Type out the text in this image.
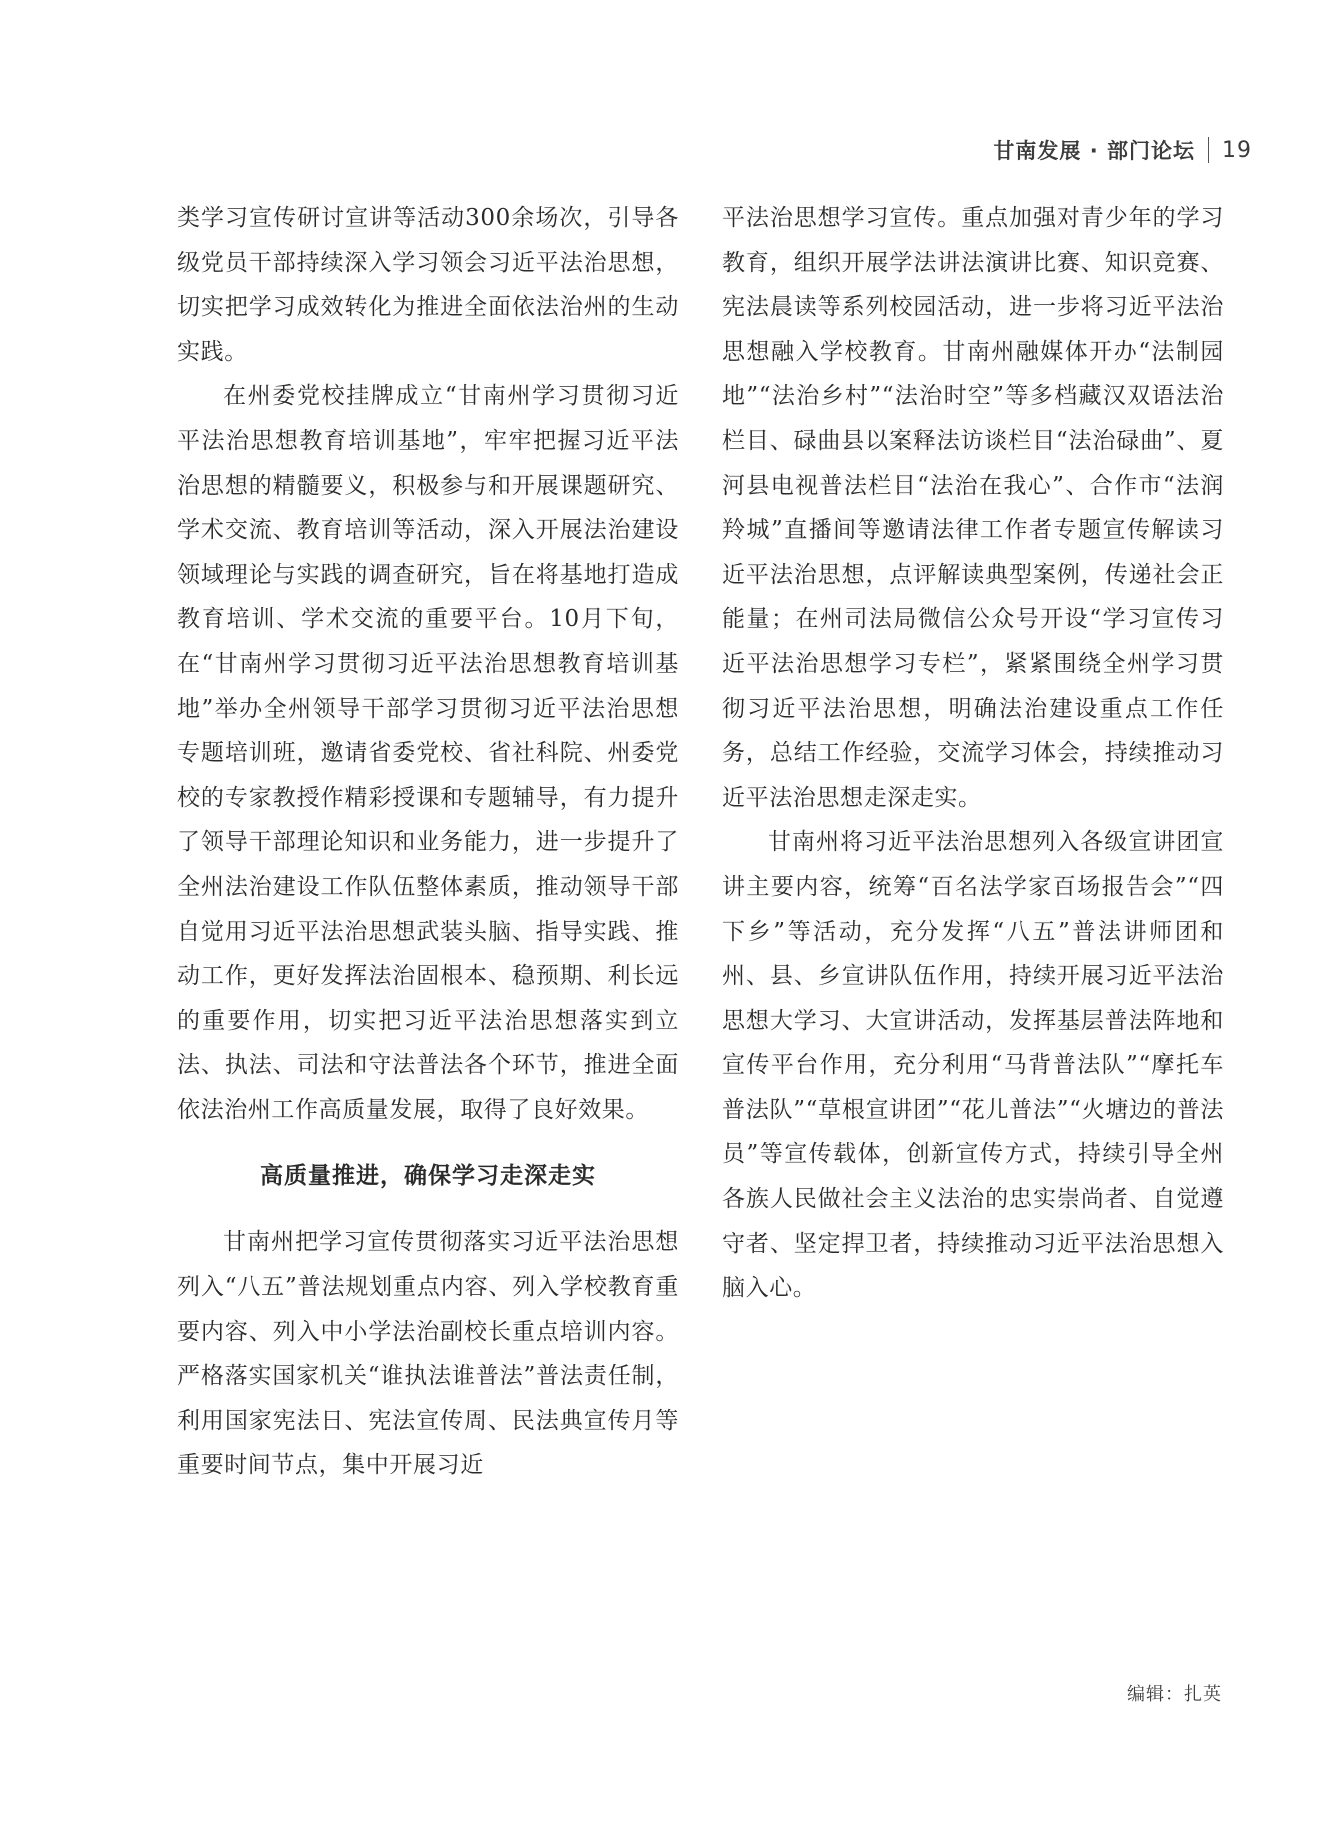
甘南发展 · 部门论坛 19

类学习宣传研讨宣讲等活动300余场次，引导各级党员干部持续深入学习领会习近平法治思想，切实把学习成效转化为推进全面依法治州的生动实践。

在州委党校挂牌成立“甘南州学习贯彻习近平法治思想教育培训基地”，牢牢把握习近平法治思想的精髓要义，积极参与和开展课题研究、学术交流、教育培训等活动，深入开展法治建设领域理论与实践的调查研究，旨在将基地打造成教育培训、学术交流的重要平台。10月下旬，在“甘南州学习贯彻习近平法治思想教育培训基地”举办全州领导干部学习贯彻习近平法治思想专题培训班，邀请省委党校、省社科院、州委党校的专家教授作精彩授课和专题辅导，有力提升了领导干部理论知识和业务能力，进一步提升了全州法治建设工作队伍整体素质，推动领导干部自觉用习近平法治思想武装头脑、指导实践、推动工作，更好发挥法治固根本、稳预期、利长远的重要作用，切实把习近平法治思想落实到立法、执法、司法和守法普法各个环节，推进全面依法治州工作高质量发展，取得了良好效果。

高质量推进，确保学习走深走实

甘南州把学习宣传贯彻落实习近平法治思想列入“八五”普法规划重点内容、列入学校教育重要内容、列入中小学法治副校长重点培训内容。严格落实国家机关“谁执法谁普法”普法责任制，利用国家宪法日、宪法宣传周、民法典宣传月等重要时间节点，集中开展习近

平法治思想学习宣传。重点加强对青少年的学习教育，组织开展学法讲法演讲比赛、知识竞赛、宪法晨读等系列校园活动，进一步将习近平法治思想融入学校教育。甘南州融媒体开办“法制园地”“法治乡村”“法治时空”等多档藏汉双语法治栏目、碌曲县以案释法访谈栏目“法治碌曲”、夏河县电视普法栏目“法治在我心”、合作市“法润羚城”直播间等邀请法律工作者专题宣传解读习近平法治思想，点评解读典型案例，传递社会正能量；在州司法局微信公众号开设“学习宣传习近平法治思想学习专栏”，紧紧围绕全州学习贯彻习近平法治思想，明确法治建设重点工作任务，总结工作经验，交流学习体会，持续推动习近平法治思想走深走实。

甘南州将习近平法治思想列入各级宣讲团宣讲主要内容，统筹“百名法学家百场报告会”“四下乡”等活动，充分发挥“八五”普法讲师团和州、县、乡宣讲队伍作用，持续开展习近平法治思想大学习、大宣讲活动，发挥基层普法阵地和宣传平台作用，充分利用“马背普法队”“摩托车普法队”“草根宣讲团”“花儿普法”“火塘边的普法员”等宣传载体，创新宣传方式，持续引导全州各族人民做社会主义法治的忠实崇尚者、自觉遵守者、坚定捍卫者，持续推动习近平法治思想入脑入心。

编辑：扎英
